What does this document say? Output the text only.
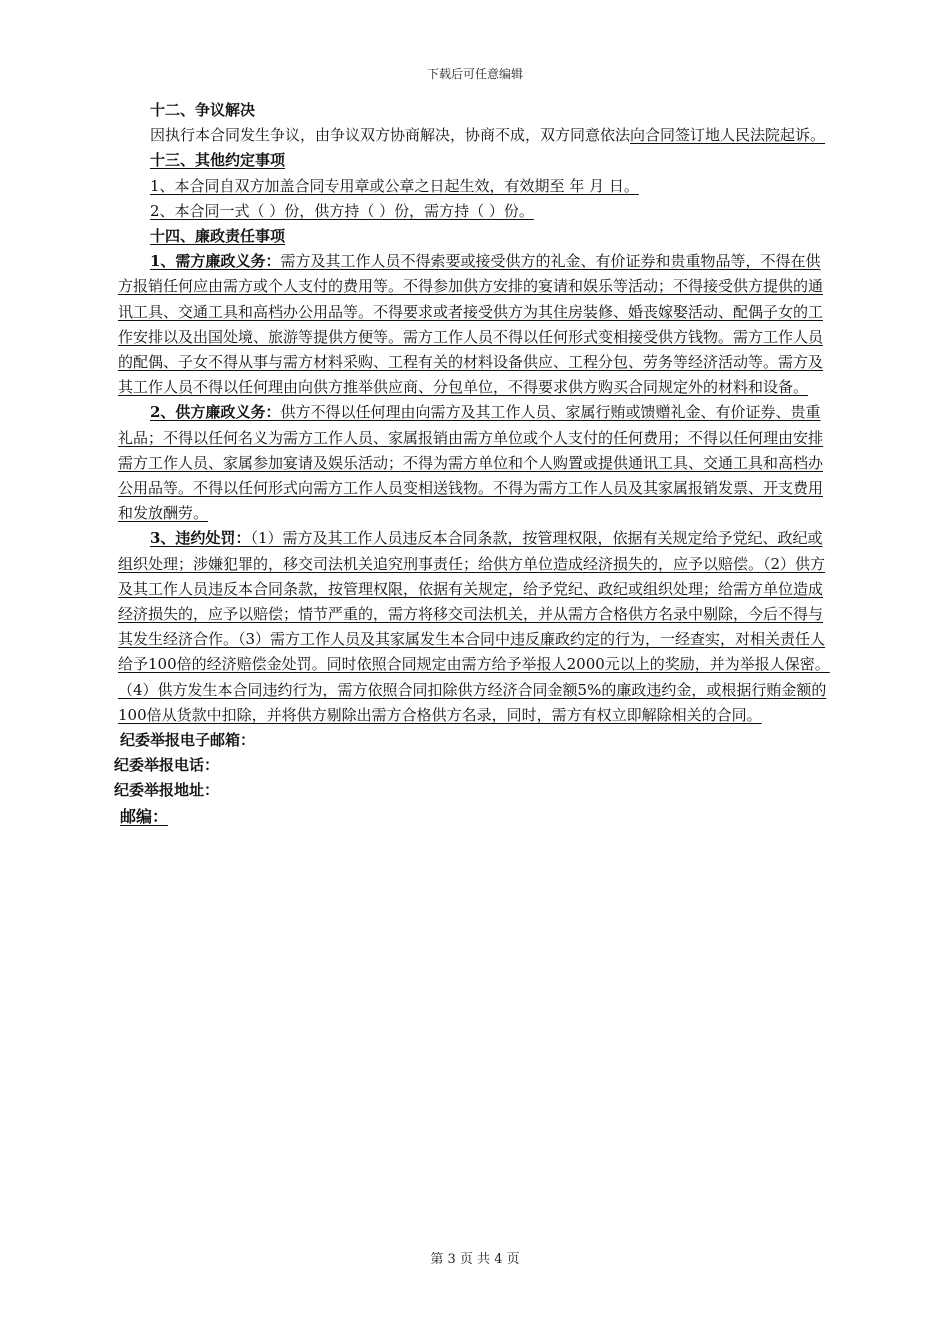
下载后可任意编辑

十二、争议解决

因执行本合同发生争议，由争议双方协商解决，协商不成，双方同意依法向合同签订地人民法院起诉。

十三、其他约定事项

1、本合同自双方加盖合同专用章或公章之日起生效，有效期至 年 月 日。

2、本合同一式（ ）份，供方持（ ）份，需方持（ ）份。

十四、廉政责任事项

1、需方廉政义务：需方及其工作人员不得索要或接受供方的礼金、有价证券和贵重物品等，不得在供方报销任何应由需方或个人支付的费用等。不得参加供方安排的宴请和娱乐等活动；不得接受供方提供的通讯工具、交通工具和高档办公用品等。不得要求或者接受供方为其住房装修、婚丧嫁娶活动、配偶子女的工作安排以及出国处境、旅游等提供方便等。需方工作人员不得以任何形式变相接受供方钱物。需方工作人员的配偶、子女不得从事与需方材料采购、工程有关的材料设备供应、工程分包、劳务等经济活动等。需方及其工作人员不得以任何理由向供方推举供应商、分包单位，不得要求供方购买合同规定外的材料和设备。

2、供方廉政义务：供方不得以任何理由向需方及其工作人员、家属行贿或馈赠礼金、有价证券、贵重礼品；不得以任何名义为需方工作人员、家属报销由需方单位或个人支付的任何费用；不得以任何理由安排需方工作人员、家属参加宴请及娱乐活动；不得为需方单位和个人购置或提供通讯工具、交通工具和高档办公用品等。不得以任何形式向需方工作人员变相送钱物。不得为需方工作人员及其家属报销发票、开支费用和发放酬劳。

3、违约处罚：（1）需方及其工作人员违反本合同条款，按管理权限，依据有关规定给予党纪、政纪或组织处理；涉嫌犯罪的，移交司法机关追究刑事责任；给供方单位造成经济损失的，应予以赔偿。（2）供方及其工作人员违反本合同条款，按管理权限，依据有关规定，给予党纪、政纪或组织处理；给需方单位造成经济损失的，应予以赔偿；情节严重的，需方将移交司法机关，并从需方合格供方名录中剔除，今后不得与其发生经济合作。（3）需方工作人员及其家属发生本合同中违反廉政约定的行为，一经查实，对相关责任人给予100倍的经济赔偿金处罚。同时依照合同规定由需方给予举报人2000元以上的奖励，并为举报人保密。

（4）供方发生本合同违约行为，需方依照合同扣除供方经济合同金额5%的廉政违约金，或根据行贿金额的100倍从货款中扣除，并将供方剔除出需方合格供方名录，同时，需方有权立即解除相关的合同。

纪委举报电子邮箱：

纪委举报电话：

纪委举报地址：

邮编：

第 3 页 共 4 页
